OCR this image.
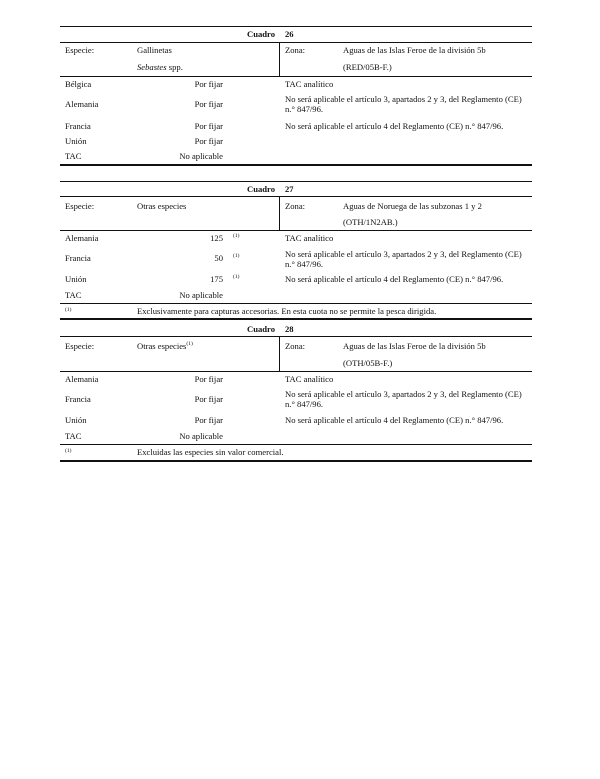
Cuadro 26
Especie:	Gallinetas
Sebastes spp.
Zona:	Aguas de las Islas Feroe de la división 5b
(RED/05B-F.)
Bélgica	Por fijar	TAC analítico
Alemania	Por fijar	No será aplicable el artículo 3, apartados 2 y 3, del Reglamento (CE) n.° 847/96.
Francia	Por fijar	No será aplicable el artículo 4 del Reglamento (CE) n.° 847/96.
Unión	Por fijar
TAC	No aplicable
Cuadro 27
Especie:	Otras especies	Zona:	Aguas de Noruega de las subzonas 1 y 2
(OTH/1N2AB.)
Alemania	125 (1)	TAC analítico
Francia	50 (1)	No será aplicable el artículo 3, apartados 2 y 3, del Reglamento (CE) n.° 847/96.
Unión	175 (1)	No será aplicable el artículo 4 del Reglamento (CE) n.° 847/96.
TAC	No aplicable
(1)	Exclusivamente para capturas accesorias. En esta cuota no se permite la pesca dirigida.
Cuadro 28
Especie:	Otras especies$^{(1)}$	Zona:	Aguas de las Islas Feroe de la división 5b
(OTH/05B-F.)
Alemania	Por fijar	TAC analítico
Francia	Por fijar	No será aplicable el artículo 3, apartados 2 y 3, del Reglamento (CE) n.° 847/96.
Unión	Por fijar	No será aplicable el artículo 4 del Reglamento (CE) n.° 847/96.
TAC	No aplicable
(1)	Excluidas las especies sin valor comercial.
